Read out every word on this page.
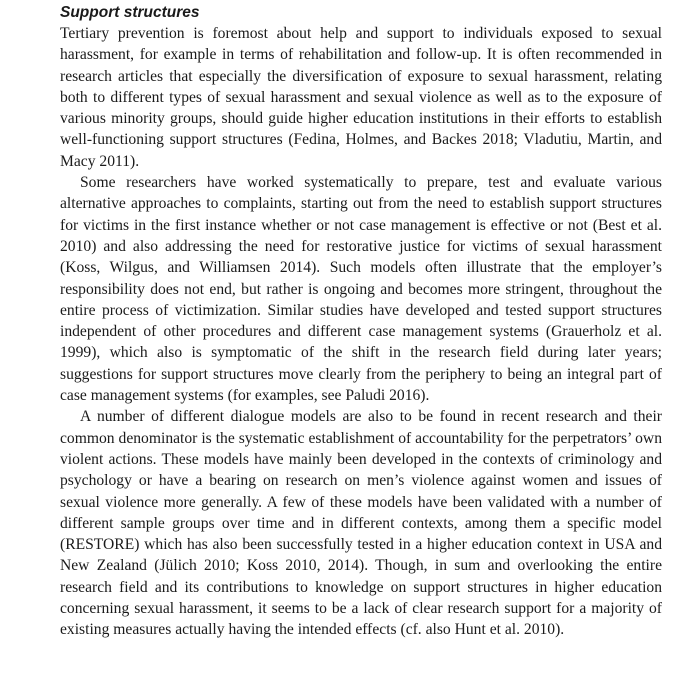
Support structures

Tertiary prevention is foremost about help and support to individuals exposed to sexual harassment, for example in terms of rehabilitation and follow-up. It is often recommended in research articles that especially the diversification of exposure to sexual harassment, relating both to different types of sexual harassment and sexual violence as well as to the exposure of various minority groups, should guide higher education institutions in their efforts to establish well-functioning support structures (Fedina, Holmes, and Backes 2018; Vladutiu, Martin, and Macy 2011).

Some researchers have worked systematically to prepare, test and evaluate various alternative approaches to complaints, starting out from the need to establish support structures for victims in the first instance whether or not case management is effective or not (Best et al. 2010) and also addressing the need for restorative justice for victims of sexual harassment (Koss, Wilgus, and Williamsen 2014). Such models often illustrate that the employer’s responsibility does not end, but rather is ongoing and becomes more stringent, throughout the entire process of victimization. Similar studies have developed and tested support structures independent of other procedures and different case management systems (Grauerholz et al. 1999), which also is symptomatic of the shift in the research field during later years; suggestions for support structures move clearly from the periphery to being an integral part of case management systems (for examples, see Paludi 2016).

A number of different dialogue models are also to be found in recent research and their common denominator is the systematic establishment of accountability for the perpetrators’ own violent actions. These models have mainly been developed in the contexts of criminology and psychology or have a bearing on research on men’s violence against women and issues of sexual violence more generally. A few of these models have been validated with a number of different sample groups over time and in different contexts, among them a specific model (RESTORE) which has also been successfully tested in a higher education context in USA and New Zealand (Jülich 2010; Koss 2010, 2014). Though, in sum and overlooking the entire research field and its contributions to knowledge on support structures in higher education concerning sexual harassment, it seems to be a lack of clear research support for a majority of existing measures actually having the intended effects (cf. also Hunt et al. 2010).
